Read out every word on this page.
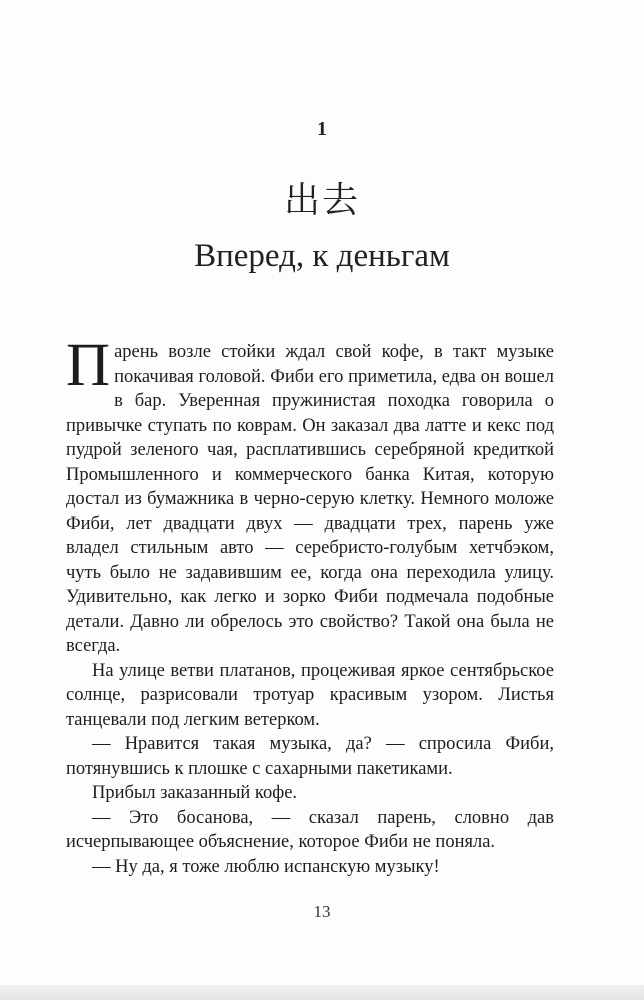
1
出去
Вперед, к деньгам

Парень возле стойки ждал свой кофе, в такт музыке покачивая головой. Фиби его приметила, едва он вошел в бар. Уверенная пружинистая походка говорила о привычке ступать по коврам. Он заказал два латте и кекс под пудрой зеленого чая, расплатившись серебряной кредиткой Промышленного и коммерческого банка Китая, которую достал из бумажника в черно-серую клетку. Немного моложе Фиби, лет двадцати двух — двадцати трех, парень уже владел стильным авто — серебристо-голубым хетчбэком, чуть было не задавившим ее, когда она переходила улицу. Удивительно, как легко и зорко Фиби подмечала подобные детали. Давно ли обрелось это свойство? Такой она была не всегда.

На улице ветви платанов, процеживая яркое сентябрьское солнце, разрисовали тротуар красивым узором. Листья танцевали под легким ветерком.

— Нравится такая музыка, да? — спросила Фиби, потянувшись к плошке с сахарными пакетиками.

Прибыл заказанный кофе.

— Это босанова, — сказал парень, словно дав исчерпывающее объяснение, которое Фиби не поняла.

— Ну да, я тоже люблю испанскую музыку!

13
